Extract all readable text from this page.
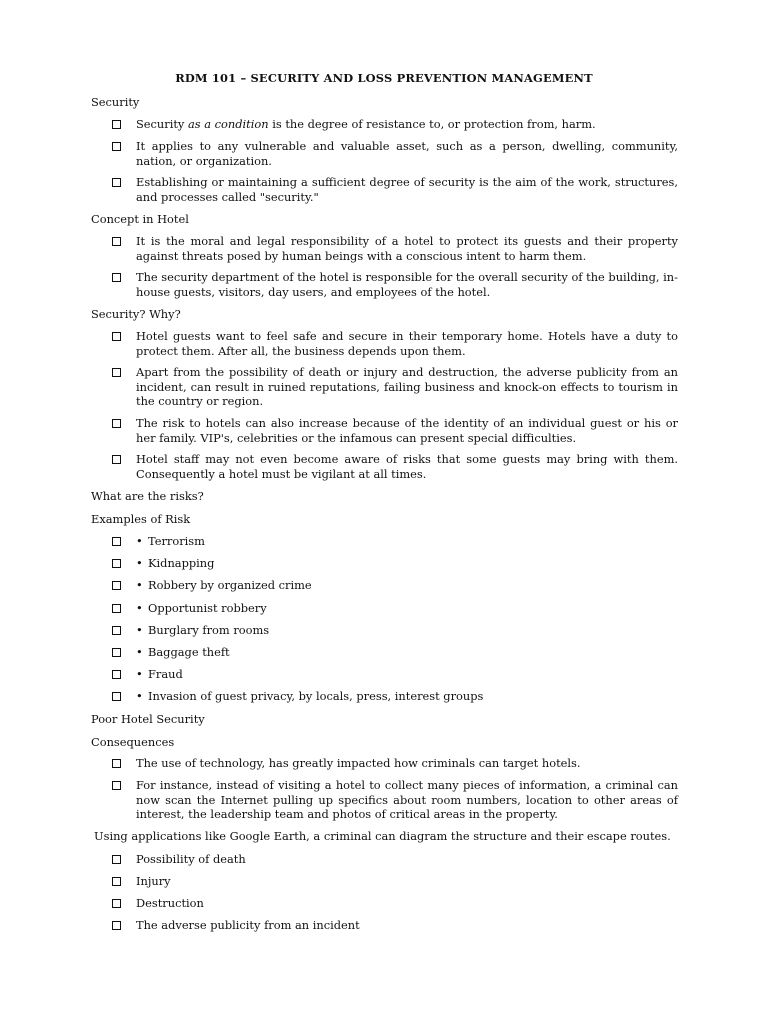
RDM 101 – SECURITY AND LOSS PREVENTION MANAGEMENT
Security
Security as a condition is the degree of resistance to, or protection from, harm.
It applies to any vulnerable and valuable asset, such as a person, dwelling, community, nation, or organization.
Establishing or maintaining a sufficient degree of security is the aim of the work, structures, and processes called "security."
Concept in Hotel
It is the moral and legal responsibility of a hotel to protect its guests and their property against threats posed by human beings with a conscious intent to harm them.
The security department of the hotel is responsible for the overall security of the building, in-house guests, visitors, day users, and employees of the hotel.
Security? Why?
Hotel guests want to feel safe and secure in their temporary home. Hotels have a duty to protect them. After all, the business depends upon them.
Apart from the possibility of death or injury and destruction, the adverse publicity from an incident, can result in ruined reputations, failing business and knock-on effects to tourism in the country or region.
The risk to hotels can also increase because of the identity of an individual guest or his or her family. VIP's, celebrities or the infamous can present special difficulties.
Hotel staff may not even become aware of risks that some guests may bring with them. Consequently a hotel must be vigilant at all times.
What are the risks?
Examples of Risk
• Terrorism
• Kidnapping
• Robbery by organized crime
• Opportunist robbery
• Burglary from rooms
• Baggage theft
• Fraud
• Invasion of guest privacy, by locals, press, interest groups
Poor Hotel Security
Consequences
The use of technology, has greatly impacted how criminals can target hotels.
For instance, instead of visiting a hotel to collect many pieces of information, a criminal can now scan the Internet pulling up specifics about room numbers, location to other areas of interest, the leadership team and photos of critical areas in the property.
Using applications like Google Earth, a criminal can diagram the structure and their escape routes.
Possibility of death
Injury
Destruction
The adverse publicity from an incident
